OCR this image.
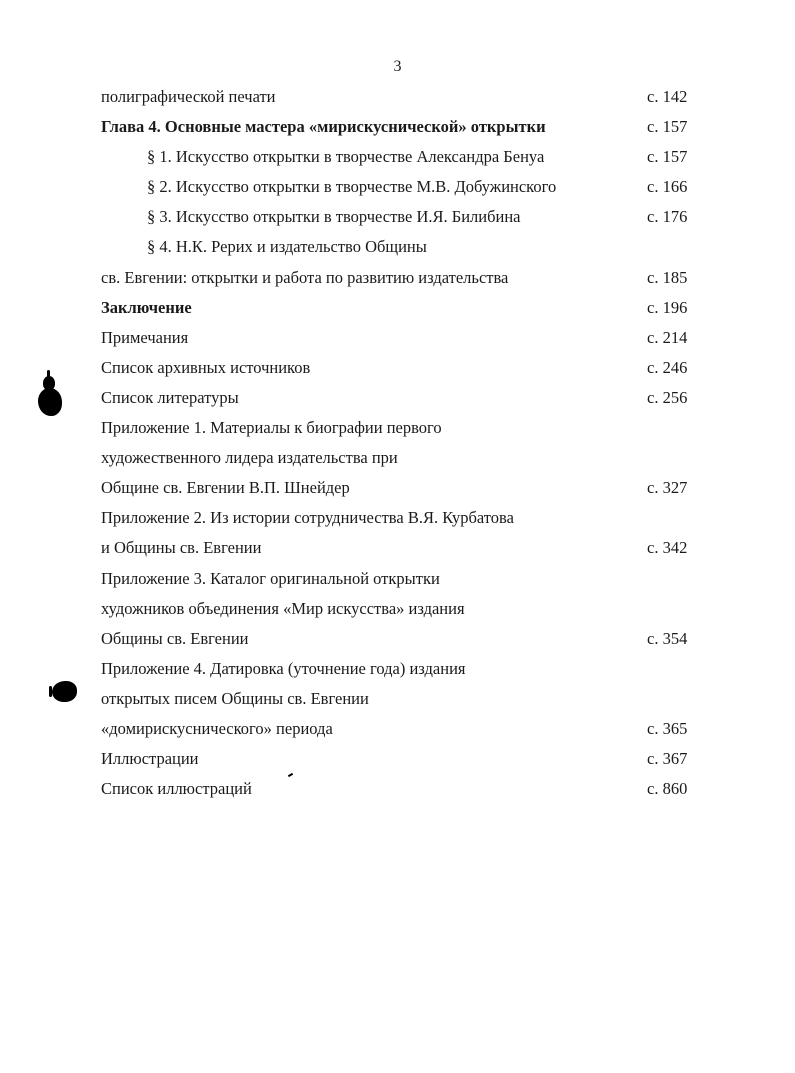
3
полиграфической печати	с. 142
Глава 4. Основные мастера «мирискуснической» открытки	с. 157
§ 1. Искусство открытки в творчестве Александра Бенуа	с. 157
§ 2. Искусство открытки в творчестве М.В. Добужинского	с. 166
§ 3. Искусство открытки в творчестве И.Я. Билибина	с. 176
§ 4. Н.К. Рерих и издательство Общины
св. Евгении: открытки и работа по развитию издательства	с. 185
Заключение	с. 196
Примечания	с. 214
Список архивных источников	с. 246
Список литературы	с. 256
Приложение 1. Материалы к биографии первого
художественного лидера издательства при
Общине св. Евгении В.П. Шнейдер	с. 327
Приложение 2. Из истории сотрудничества В.Я. Курбатова
и Общины св. Евгении	с. 342
Приложение 3. Каталог оригинальной открытки
художников объединения «Мир искусства» издания
Общины св. Евгении	с. 354
Приложение 4. Датировка (уточнение года) издания
открытых писем Общины св. Евгении
«домирискуснического» периода	с. 365
Иллюстрации	с. 367
Список иллюстраций	с. 860
